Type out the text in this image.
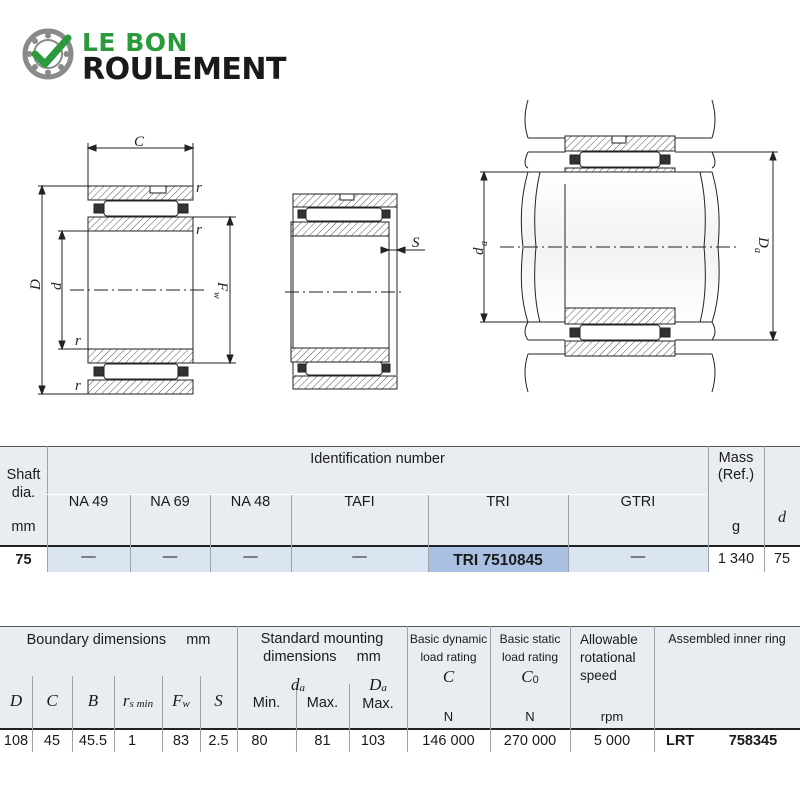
LE BON
ROULEMENT
C
r
r
r
r
D d	F
w
S
d
a	D
a
Shaft
dia.
mm
Identification number
NA 49	NA 69	NA 48	TAFI	TRI	GTRI
Mass
(Ref.)
g
d
75	—	—	—	—	TRI 7510845	—	1 340	75
Boundary dimensions     mm	Standard mounting
dimensions     mm
Basic dynamic
load rating
Basic static
load rating
Allowable
rotational
speed
Assembled inner ring
D	C	B	r s min F w	S	Min.
d a
Max.
D a
Max.
C	C 0
N	N	rpm
108	45	45.5	1	83	2.5	80	81	103	146 000	270 000	5 000	LRT	758345
